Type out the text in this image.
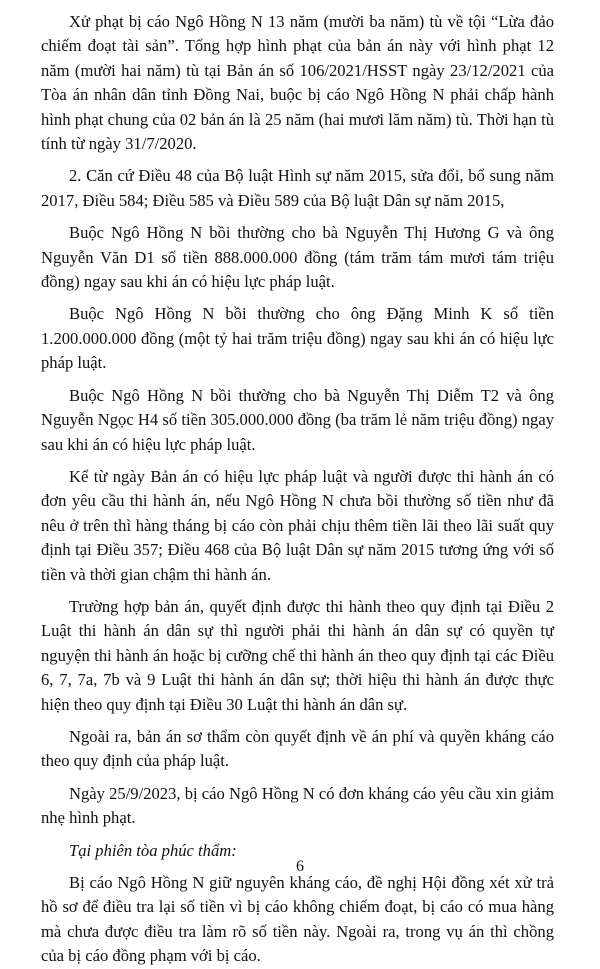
Xử phạt bị cáo Ngô Hồng N 13 năm (mười ba năm) tù về tội “Lừa đảo chiếm đoạt tài sản”. Tổng hợp hình phạt của bản án này với hình phạt 12 năm (mười hai năm) tù tại Bản án số 106/2021/HSST ngày 23/12/2021 của Tòa án nhân dân tỉnh Đồng Nai, buộc bị cáo Ngô Hồng N phải chấp hành hình phạt chung của 02 bản án là 25 năm (hai mươi lăm năm) tù. Thời hạn tù tính từ ngày 31/7/2020.

2. Căn cứ Điều 48 của Bộ luật Hình sự năm 2015, sửa đổi, bổ sung năm 2017, Điều 584; Điều 585 và Điều 589 của Bộ luật Dân sự năm 2015,

Buộc Ngô Hồng N bồi thường cho bà Nguyễn Thị Hương G và ông Nguyễn Văn D1 số tiền 888.000.000 đồng (tám trăm tám mươi tám triệu đồng) ngay sau khi án có hiệu lực pháp luật.

Buộc Ngô Hồng N bồi thường cho ông Đặng Minh K số tiền 1.200.000.000 đồng (một tỷ hai trăm triệu đồng) ngay sau khi án có hiệu lực pháp luật.

Buộc Ngô Hồng N bồi thường cho bà Nguyễn Thị Diễm T2 và ông Nguyễn Ngọc H4 số tiền 305.000.000 đồng (ba trăm lẻ năm triệu đồng) ngay sau khi án có hiệu lực pháp luật.

Kể từ ngày Bản án có hiệu lực pháp luật và người được thi hành án có đơn yêu cầu thi hành án, nếu Ngô Hồng N chưa bồi thường số tiền như đã nêu ở trên thì hàng tháng bị cáo còn phải chịu thêm tiền lãi theo lãi suất quy định tại Điều 357; Điều 468 của Bộ luật Dân sự năm 2015 tương ứng với số tiền và thời gian chậm thi hành án.

Trường hợp bản án, quyết định được thi hành theo quy định tại Điều 2 Luật thi hành án dân sự thì người phải thi hành án dân sự có quyền tự nguyện thi hành án hoặc bị cưỡng chế thi hành án theo quy định tại các Điều 6, 7, 7a, 7b và 9 Luật thi hành án dân sự; thời hiệu thi hành án được thực hiện theo quy định tại Điều 30 Luật thi hành án dân sự.

Ngoài ra, bản án sơ thẩm còn quyết định về án phí và quyền kháng cáo theo quy định của pháp luật.

Ngày 25/9/2023, bị cáo Ngô Hồng N có đơn kháng cáo yêu cầu xin giảm nhẹ hình phạt.

Tại phiên tòa phúc thẩm:

Bị cáo Ngô Hồng N giữ nguyên kháng cáo, đề nghị Hội đồng xét xử trả hồ sơ để điều tra lại số tiền vì bị cáo không chiếm đoạt, bị cáo có mua hàng mà chưa được điều tra làm rõ số tiền này. Ngoài ra, trong vụ án thì chồng của bị cáo đồng phạm với bị cáo.

6
